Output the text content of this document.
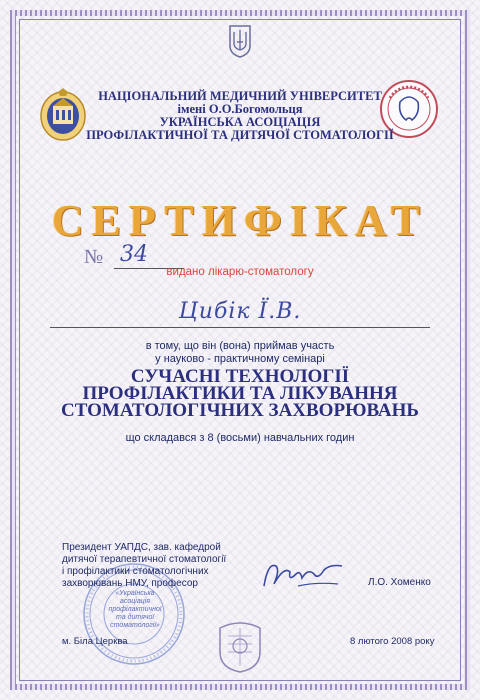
НАЦІОНАЛЬНИЙ МЕДИЧНИЙ УНІВЕРСИТЕТ
імені О.О.Богомольця
УКРАЇНСЬКА АСОЦІАЦІЯ
ПРОФІЛАКТИЧНОЇ ТА ДИТЯЧОЇ СТОМАТОЛОГІЇ
СЕРТИФІКАТ
№ 34
видано лікарю-стоматологу
Цибік Ї.В.
в тому, що він (вона) приймав участь
у науково - практичному семінарі
СУЧАСНІ ТЕХНОЛОГІЇ
ПРОФІЛАКТИКИ ТА ЛІКУВАННЯ
СТОМАТОЛОГІЧНИХ ЗАХВОРЮВАНЬ
що складався з 8 (восьми) навчальних годин
«Українська
асоціація
профілактичної
та дитячої
стоматології»
Президент УАПДС, зав. кафедрой
дитячої терапевтичної стоматології
і профілактики стоматологічних
захворювань НМУ, професор	Л.О. Хоменко
м. Біла Церква	8 лютого 2008 року
